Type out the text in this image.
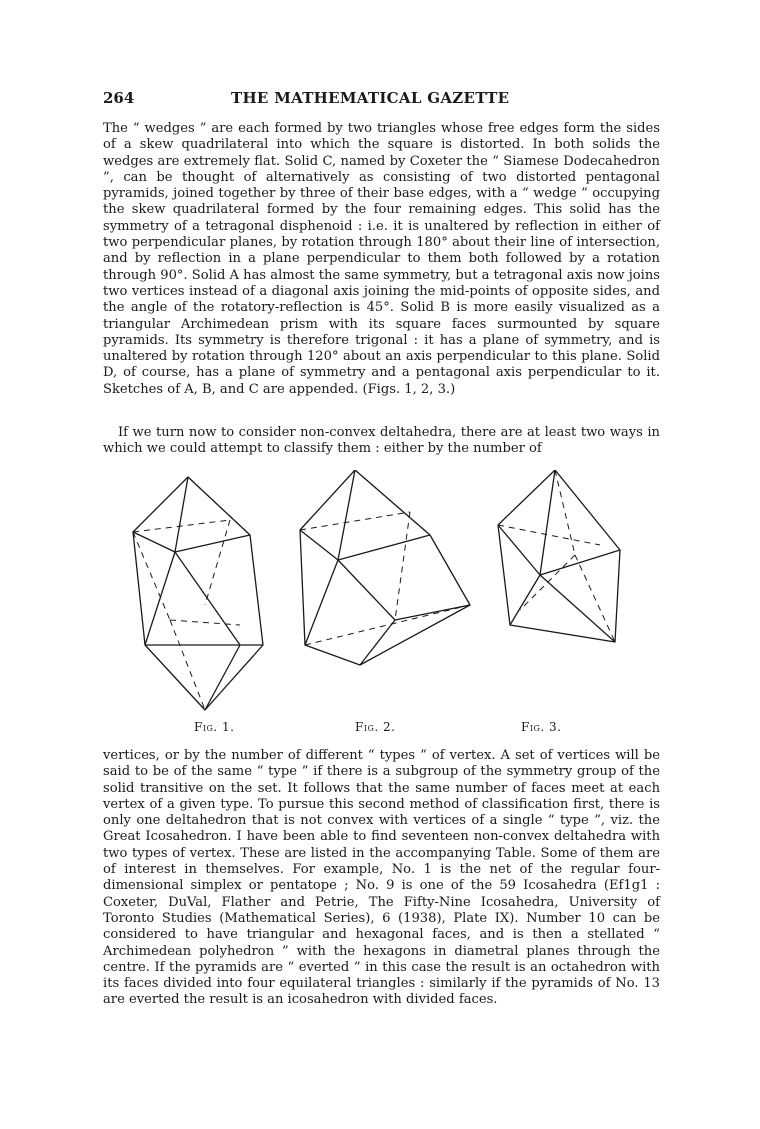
264	THE MATHEMATICAL GAZETTE

The “ wedges ” are each formed by two triangles whose free edges form the sides of a skew quadrilateral into which the square is distorted. In both solids the wedges are extremely flat. Solid C, named by Coxeter the “ Siamese Dodecahedron ”, can be thought of alternatively as consisting of two distorted pentagonal pyramids, joined together by three of their base edges, with a “ wedge ” occupying the skew quadrilateral formed by the four remaining edges. This solid has the symmetry of a tetragonal disphenoid : i.e. it is unaltered by reflection in either of two perpendicular planes, by rotation through 180° about their line of intersection, and by reflection in a plane perpendicular to them both followed by a rotation through 90°. Solid A has almost the same symmetry, but a tetragonal axis now joins two vertices instead of a diagonal axis joining the mid-points of opposite sides, and the angle of the rotatory-reflection is 45°. Solid B is more easily visualized as a triangular Archimedean prism with its square faces surmounted by square pyramids. Its symmetry is therefore trigonal : it has a plane of symmetry, and is unaltered by rotation through 120° about an axis perpendicular to this plane. Solid D, of course, has a plane of symmetry and a pentagonal axis perpendicular to it. Sketches of A, B, and C are appended. (Figs. 1, 2, 3.)

If we turn now to consider non-convex deltahedra, there are at least two ways in which we could attempt to classify them : either by the number of

Fig. 1.	Fig. 2.	Fig. 3.

vertices, or by the number of different “ types ” of vertex. A set of vertices will be said to be of the same “ type ” if there is a subgroup of the symmetry group of the solid transitive on the set. It follows that the same number of faces meet at each vertex of a given type. To pursue this second method of classification first, there is only one deltahedron that is not convex with vertices of a single “ type ”, viz. the Great Icosahedron. I have been able to find seventeen non-convex deltahedra with two types of vertex. These are listed in the accompanying Table. Some of them are of interest in themselves. For example, No. 1 is the net of the regular four-dimensional simplex or pentatope ; No. 9 is one of the 59 Icosahedra (Ef1g1 : Coxeter, DuVal, Flather and Petrie, The Fifty-Nine Icosahedra, University of Toronto Studies (Mathematical Series), 6 (1938), Plate IX). Number 10 can be considered to have triangular and hexagonal faces, and is then a stellated “ Archimedean polyhedron ” with the hexagons in diametral planes through the centre. If the pyramids are “ everted ” in this case the result is an octahedron with its faces divided into four equilateral triangles : similarly if the pyramids of No. 13 are everted the result is an icosahedron with divided faces.
